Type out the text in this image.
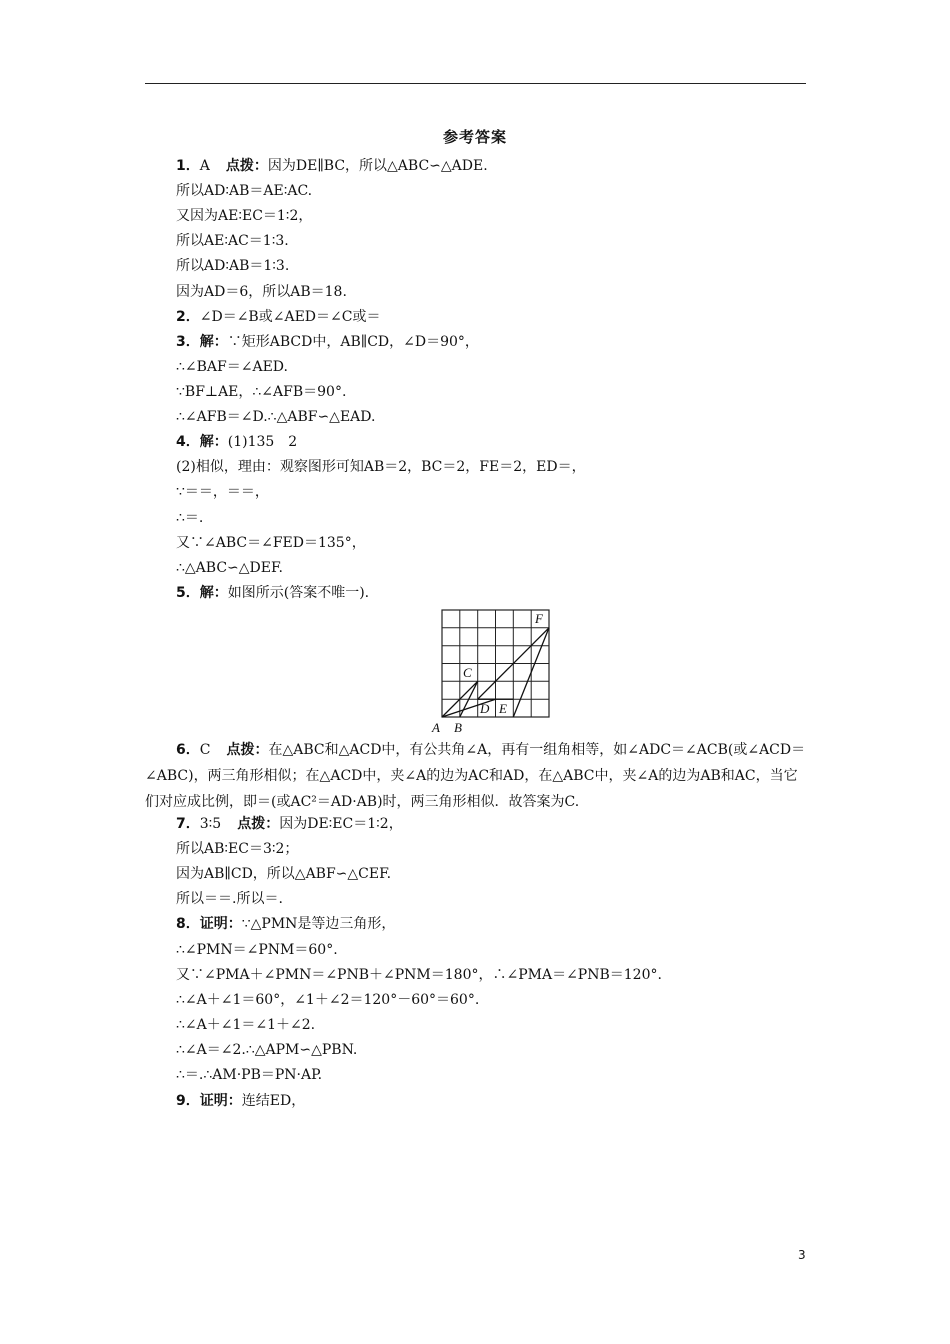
参考答案
1．A 点拨：因为DE∥BC，所以△ABC∽△ADE.
所以AD∶AB＝AE∶AC.
又因为AE∶EC＝1∶2，
所以AE∶AC＝1∶3.
所以AD∶AB＝1∶3.
因为AD＝6，所以AB＝18.
2．∠D＝∠B或∠AED＝∠C或＝
3．解：∵矩形ABCD中，AB∥CD，∠D＝90°，
∴∠BAF＝∠AED.
∵BF⊥AE，∴∠AFB＝90°.
∴∠AFB＝∠D.∴△ABF∽△EAD.
4．解：(1)135　2
(2)相似，理由：观察图形可知AB＝2，BC＝2，FE＝2，ED＝，
∵＝＝，＝＝，
∴＝.
又∵∠ABC＝∠FED＝135°，
∴△ABC∽△DEF.
5．解：如图所示(答案不唯一).
F
C
D E
A B
6．C 点拨：在△ABC和△ACD中，有公共角∠A，再有一组角相等，如∠ADC＝∠ACB(或∠ACD＝∠ABC)，两三角形相似；在△ACD中，夹∠A的边为AC和AD，在△ABC中，夹∠A的边为AB和AC，当它们对应成比例，即＝(或AC²＝AD·AB)时，两三角形相似．故答案为C.
7．3∶5 点拨：因为DE∶EC＝1∶2，
所以AB∶EC＝3∶2；
因为AB∥CD，所以△ABF∽△CEF.
所以＝＝.所以＝.
8．证明：∵△PMN是等边三角形，
∴∠PMN＝∠PNM＝60°.
又∵∠PMA＋∠PMN＝∠PNB＋∠PNM＝180°，∴∠PMA＝∠PNB＝120°.
∴∠A＋∠1＝60°，∠1＋∠2＝120°－60°＝60°.
∴∠A＋∠1＝∠1＋∠2.
∴∠A＝∠2.∴△APM∽△PBN.
∴＝.∴AM·PB＝PN·AP.
9．证明：连结ED，
3
